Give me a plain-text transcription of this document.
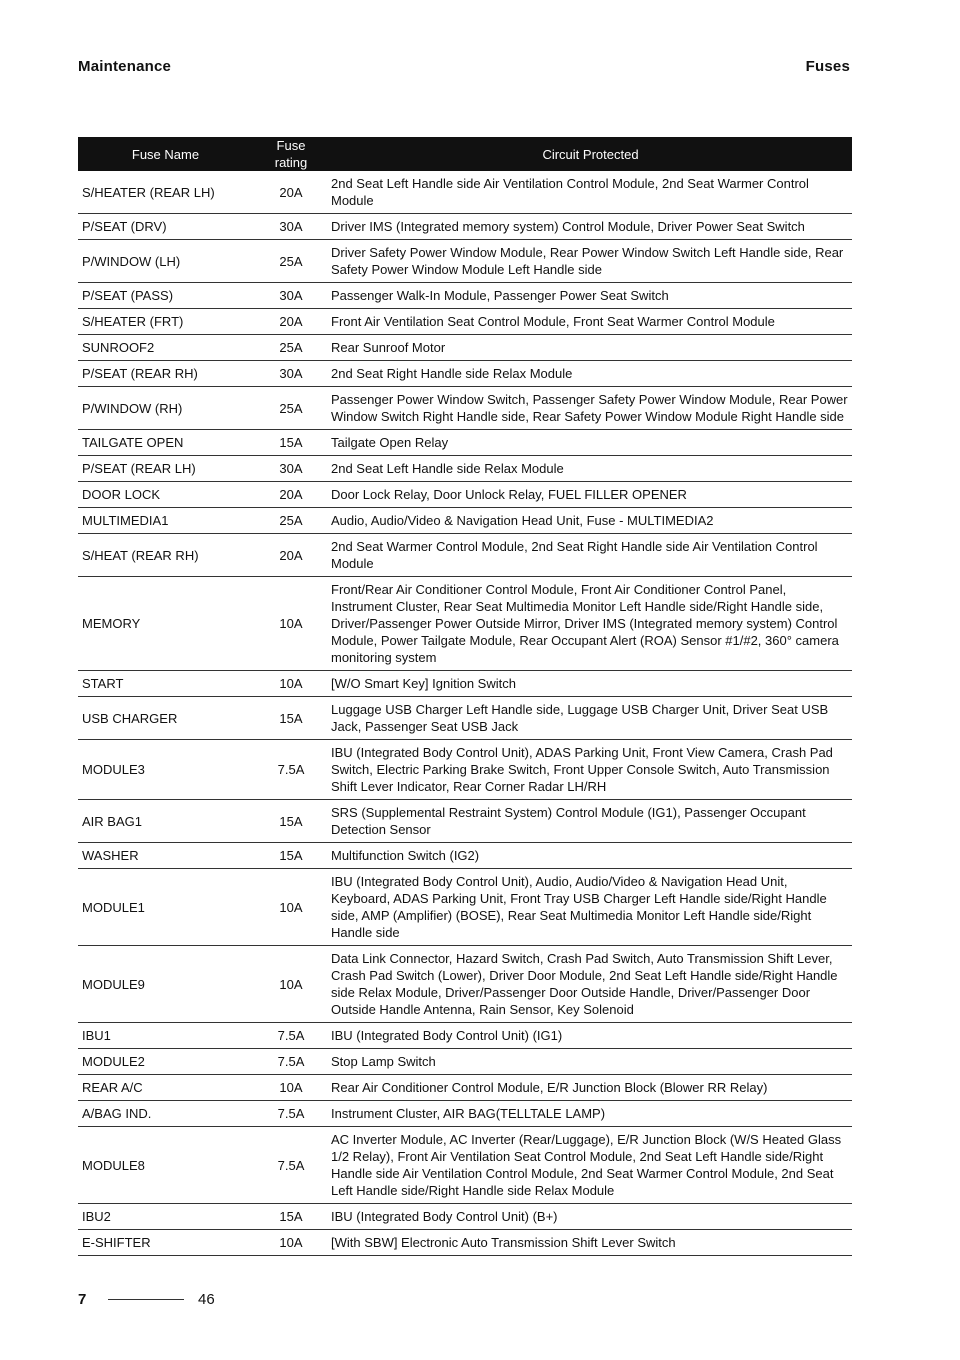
Maintenance	Fuses
Fuse Name	Fuse rating	Circuit Protected
S/HEATER (REAR LH)	20A	2nd Seat Left Handle side Air Ventilation Control Module, 2nd Seat Warmer Control Module
P/SEAT (DRV)	30A	Driver IMS (Integrated memory system) Control Module, Driver Power Seat Switch
P/WINDOW (LH)	25A	Driver Safety Power Window Module, Rear Power Window Switch Left Handle side, Rear Safety Power Window Module Left Handle side
P/SEAT (PASS)	30A	Passenger Walk-In Module, Passenger Power Seat Switch
S/HEATER (FRT)	20A	Front Air Ventilation Seat Control Module, Front Seat Warmer Control Module
SUNROOF2	25A	Rear Sunroof Motor
P/SEAT (REAR RH)	30A	2nd Seat Right Handle side Relax Module
P/WINDOW (RH)	25A	Passenger Power Window Switch, Passenger Safety Power Window Module, Rear Power Window Switch Right Handle side, Rear Safety Power Window Module Right Handle side
TAILGATE OPEN	15A	Tailgate Open Relay
P/SEAT (REAR LH)	30A	2nd Seat Left Handle side Relax Module
DOOR LOCK	20A	Door Lock Relay, Door Unlock Relay, FUEL FILLER OPENER
MULTIMEDIA1	25A	Audio, Audio/Video & Navigation Head Unit, Fuse - MULTIMEDIA2
S/HEAT (REAR RH)	20A	2nd Seat Warmer Control Module, 2nd Seat Right Handle side Air Ventilation Control Module
MEMORY	10A	Front/Rear Air Conditioner Control Module, Front Air Conditioner Control Panel, Instrument Cluster, Rear Seat Multimedia Monitor Left Handle side/Right Handle side, Driver/Passenger Power Outside Mirror, Driver IMS (Integrated memory system) Control Module, Power Tailgate Module, Rear Occupant Alert (ROA) Sensor #1/#2, 360° camera monitoring system
START	10A	[W/O Smart Key] Ignition Switch
USB CHARGER	15A	Luggage USB Charger Left Handle side, Luggage USB Charger Unit, Driver Seat USB Jack, Passenger Seat USB Jack
MODULE3	7.5A	IBU (Integrated Body Control Unit), ADAS Parking Unit, Front View Camera, Crash Pad Switch, Electric Parking Brake Switch, Front Upper Console Switch, Auto Transmission Shift Lever Indicator, Rear Corner Radar LH/RH
AIR BAG1	15A	SRS (Supplemental Restraint System) Control Module (IG1), Passenger Occupant Detection Sensor
WASHER	15A	Multifunction Switch (IG2)
MODULE1	10A	IBU (Integrated Body Control Unit), Audio, Audio/Video & Navigation Head Unit, Keyboard, ADAS Parking Unit, Front Tray USB Charger Left Handle side/Right Handle side, AMP (Amplifier) (BOSE), Rear Seat Multimedia Monitor Left Handle side/Right Handle side
MODULE9	10A	Data Link Connector, Hazard Switch, Crash Pad Switch, Auto Transmission Shift Lever, Crash Pad Switch (Lower), Driver Door Module, 2nd Seat Left Handle side/Right Handle side Relax Module, Driver/Passenger Door Outside Handle, Driver/Passenger Door Outside Handle Antenna, Rain Sensor, Key Solenoid
IBU1	7.5A	IBU (Integrated Body Control Unit) (IG1)
MODULE2	7.5A	Stop Lamp Switch
REAR A/C	10A	Rear Air Conditioner Control Module, E/R Junction Block (Blower RR Relay)
A/BAG IND.	7.5A	Instrument Cluster, AIR BAG(TELLTALE LAMP)
MODULE8	7.5A	AC Inverter Module, AC Inverter (Rear/Luggage), E/R Junction Block (W/S Heated Glass 1/2 Relay), Front Air Ventilation Seat Control Module, 2nd Seat Left Handle side/Right Handle side Air Ventilation Control Module, 2nd Seat Warmer Control Module, 2nd Seat Left Handle side/Right Handle side Relax Module
IBU2	15A	IBU (Integrated Body Control Unit) (B+)
E-SHIFTER	10A	[With SBW] Electronic Auto Transmission Shift Lever Switch
7	46
